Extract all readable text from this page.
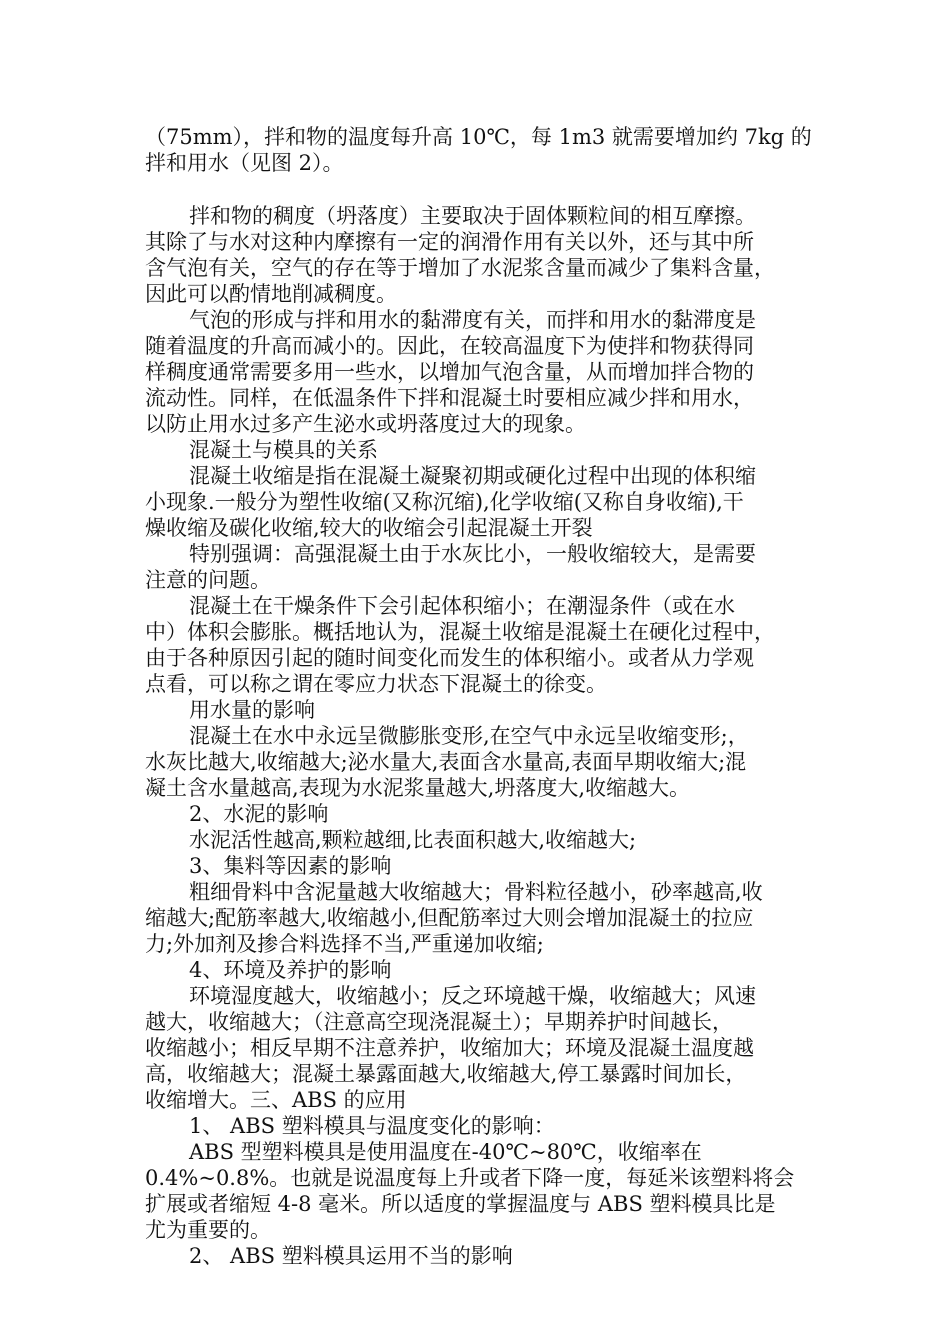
（75mm），拌和物的温度每升高 10℃，每 1m3 就需要增加约 7kg 的
拌和用水（见图 2）。
拌和物的稠度（坍落度）主要取决于固体颗粒间的相互摩擦。
其除了与水对这种内摩擦有一定的润滑作用有关以外，还与其中所
含气泡有关，空气的存在等于增加了水泥浆含量而减少了集料含量，
因此可以酌情地削减稠度。
气泡的形成与拌和用水的黏滞度有关，而拌和用水的黏滞度是
随着温度的升高而减小的。因此，在较高温度下为使拌和物获得同
样稠度通常需要多用一些水，以增加气泡含量，从而增加拌合物的
流动性。同样，在低温条件下拌和混凝土时要相应减少拌和用水，
以防止用水过多产生泌水或坍落度过大的现象。
混凝土与模具的关系
混凝土收缩是指在混凝土凝聚初期或硬化过程中出现的体积缩
小现象.一般分为塑性收缩(又称沉缩),化学收缩(又称自身收缩),干
燥收缩及碳化收缩,较大的收缩会引起混凝土开裂
特别强调：高强混凝土由于水灰比小，一般收缩较大，是需要
注意的问题。
混凝土在干燥条件下会引起体积缩小；在潮湿条件（或在水
中）体积会膨胀。概括地认为，混凝土收缩是混凝土在硬化过程中，
由于各种原因引起的随时间变化而发生的体积缩小。或者从力学观
点看，可以称之谓在零应力状态下混凝土的徐变。
用水量的影响
混凝土在水中永远呈微膨胀变形,在空气中永远呈收缩变形;，
水灰比越大,收缩越大;泌水量大,表面含水量高,表面早期收缩大;混
凝土含水量越高,表现为水泥浆量越大,坍落度大,收缩越大。
2、水泥的影响
水泥活性越高,颗粒越细,比表面积越大,收缩越大;
3、集料等因素的影响
粗细骨料中含泥量越大收缩越大；骨料粒径越小，砂率越高,收
缩越大;配筋率越大,收缩越小,但配筋率过大则会增加混凝土的拉应
力;外加剂及掺合料选择不当,严重递加收缩;
4、环境及养护的影响
环境湿度越大，收缩越小；反之环境越干燥，收缩越大；风速
越大，收缩越大；（注意高空现浇混凝土）；早期养护时间越长，
收缩越小；相反早期不注意养护，收缩加大；环境及混凝土温度越
高，收缩越大；混凝土暴露面越大,收缩越大,停工暴露时间加长，
收缩增大。三、ABS 的应用
1、 ABS 塑料模具与温度变化的影响：
ABS 型塑料模具是使用温度在-40℃~80℃，收缩率在
0.4%~0.8%。也就是说温度每上升或者下降一度，每延米该塑料将会
扩展或者缩短 4-8 毫米。所以适度的掌握温度与 ABS 塑料模具比是
尤为重要的。
2、 ABS 塑料模具运用不当的影响
